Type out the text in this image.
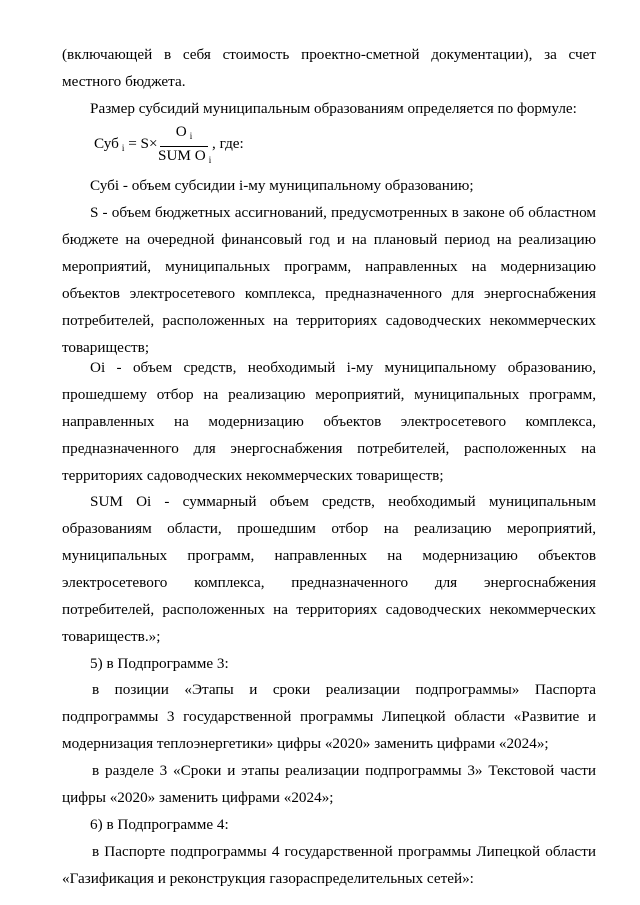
(включающей в себя стоимость проектно-сметной документации), за счет
местного бюджета.
Размер субсидий муниципальным образованиям определяется по формуле:
Суб $_i$ = S×
O $_i$
SUM O $_i$
, где:
Субi - объем субсидии i-му муниципальному образованию;
S - объем бюджетных ассигнований, предусмотренных в законе об областном
бюджете на очередной финансовый год и на плановый период на реализацию
мероприятий, муниципальных программ, направленных на модернизацию
объектов электросетевого комплекса, предназначенного для энергоснабжения
потребителей, расположенных на территориях садоводческих некоммерческих
товариществ;
Oi - объем средств, необходимый i-му муниципальному образованию,
прошедшему отбор на реализацию мероприятий, муниципальных программ,
направленных на модернизацию объектов электросетевого комплекса,
предназначенного для энергоснабжения потребителей, расположенных на
территориях садоводческих некоммерческих товариществ;
SUM Oi - суммарный объем средств, необходимый муниципальным
образованиям области, прошедшим отбор на реализацию мероприятий,
муниципальных программ, направленных на модернизацию объектов
электросетевого комплекса, предназначенного для энергоснабжения
потребителей, расположенных на территориях садоводческих некоммерческих
товариществ.»;
5) в Подпрограмме 3:
в позиции «Этапы и сроки реализации подпрограммы» Паспорта
подпрограммы 3 государственной программы Липецкой области «Развитие и
модернизация теплоэнергетики» цифры «2020» заменить цифрами «2024»;
в разделе 3 «Сроки и этапы реализации подпрограммы 3» Текстовой части
цифры «2020» заменить цифрами «2024»;
6) в Подпрограмме 4:
в Паспорте подпрограммы 4 государственной программы Липецкой области
«Газификация и реконструкция газораспределительных сетей»:
